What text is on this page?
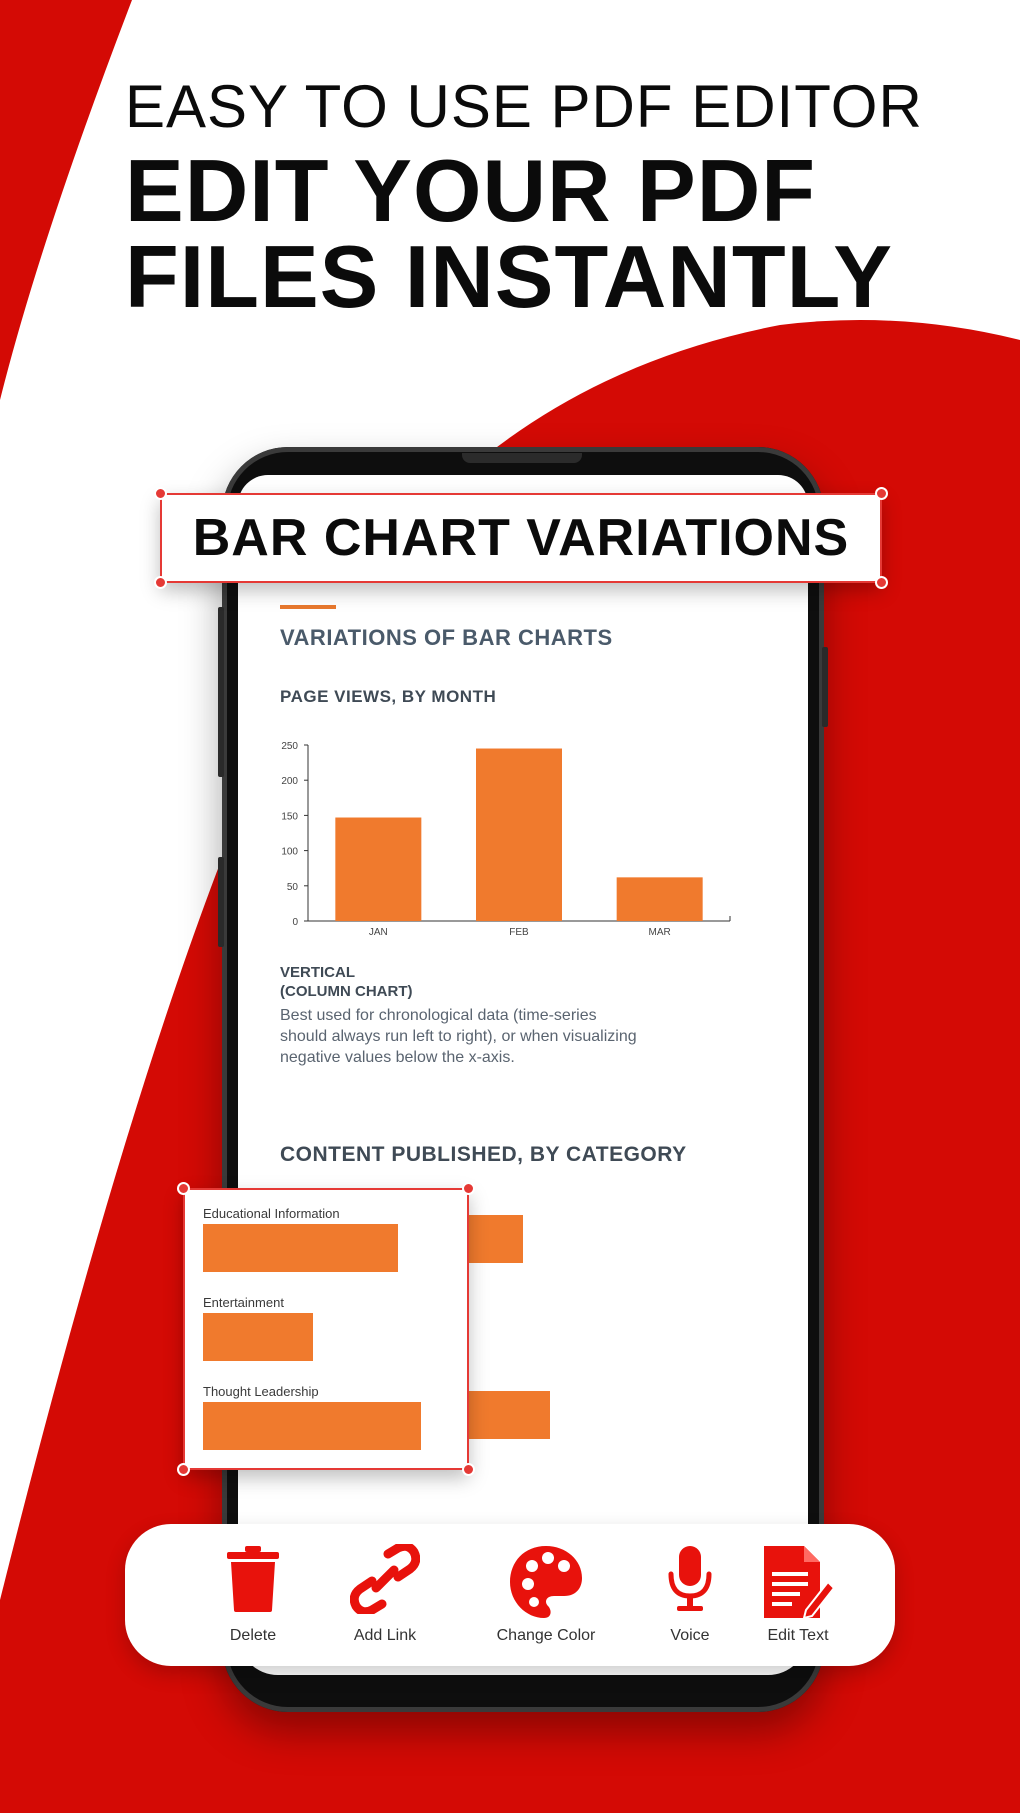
EASY TO USE PDF EDITOR
EDIT YOUR PDF
FILES INSTANTLY
VARIATIONS OF BAR CHARTS
PAGE VIEWS, BY MONTH
0
50
100
150
200
250
JAN	FEB	MAR
VERTICAL
(COLUMN CHART)
Best used for chronological data (time-series should always run left to right), or when visualizing negative values below the x-axis.
CONTENT PUBLISHED, BY CATEGORY
BAR CHART VARIATIONS
Educational Information
Entertainment
Thought Leadership
Delete	Add Link	Change Color	Voice	Edit Text
